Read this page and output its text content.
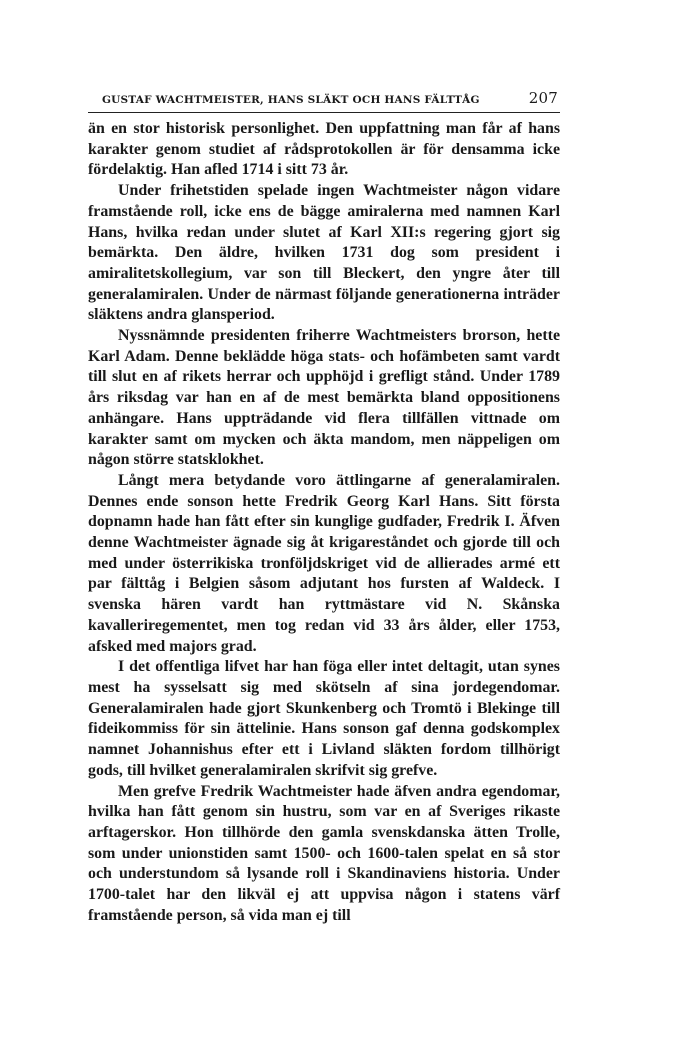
GUSTAF WACHTMEISTER, HANS SLÄKT OCH HANS FÄLTTÅG	207

än en stor historisk personlighet. Den uppfattning man får af hans karakter genom studiet af rådsprotokollen är för densamma icke fördelaktig. Han afled 1714 i sitt 73 år.

Under frihetstiden spelade ingen Wachtmeister någon vidare framstående roll, icke ens de bägge amiralerna med namnen Karl Hans, hvilka redan under slutet af Karl XII:s regering gjort sig bemärkta. Den äldre, hvilken 1731 dog som president i amiralitetskollegium, var son till Bleckert, den yngre åter till generalamiralen. Under de närmast följande generationerna inträder släktens andra glansperiod.

Nyssnämnde presidenten friherre Wachtmeisters brorson, hette Karl Adam. Denne beklädde höga stats- och hofämbeten samt vardt till slut en af rikets herrar och upphöjd i grefligt stånd. Under 1789 års riksdag var han en af de mest bemärkta bland oppositionens anhängare. Hans uppträdande vid flera tillfällen vittnade om karakter samt om mycken och äkta mandom, men näppeligen om någon större statsklokhet.

Långt mera betydande voro ättlingarne af generalamiralen. Dennes ende sonson hette Fredrik Georg Karl Hans. Sitt första dopnamn hade han fått efter sin kunglige gudfader, Fredrik I. Äfven denne Wachtmeister ägnade sig åt krigareståndet och gjorde till och med under österrikiska tronföljdskriget vid de allierades armé ett par fälttåg i Belgien såsom adjutant hos fursten af Waldeck. I svenska hären vardt han ryttmästare vid N. Skånska kavalleriregementet, men tog redan vid 33 års ålder, eller 1753, afsked med majors grad.

I det offentliga lifvet har han föga eller intet deltagit, utan synes mest ha sysselsatt sig med skötseln af sina jordegendomar. Generalamiralen hade gjort Skunkenberg och Tromtö i Blekinge till fideikommiss för sin ättelinie. Hans sonson gaf denna godskomplex namnet Johannishus efter ett i Livland släkten fordom tillhörigt gods, till hvilket generalamiralen skrifvit sig grefve.

Men grefve Fredrik Wachtmeister hade äfven andra egendomar, hvilka han fått genom sin hustru, som var en af Sveriges rikaste arftagerskor. Hon tillhörde den gamla svenskdanska ätten Trolle, som under unionstiden samt 1500- och 1600-talen spelat en så stor och understundom så lysande roll i Skandinaviens historia. Under 1700-talet har den likväl ej att uppvisa någon i statens värf framstående person, så vida man ej till
